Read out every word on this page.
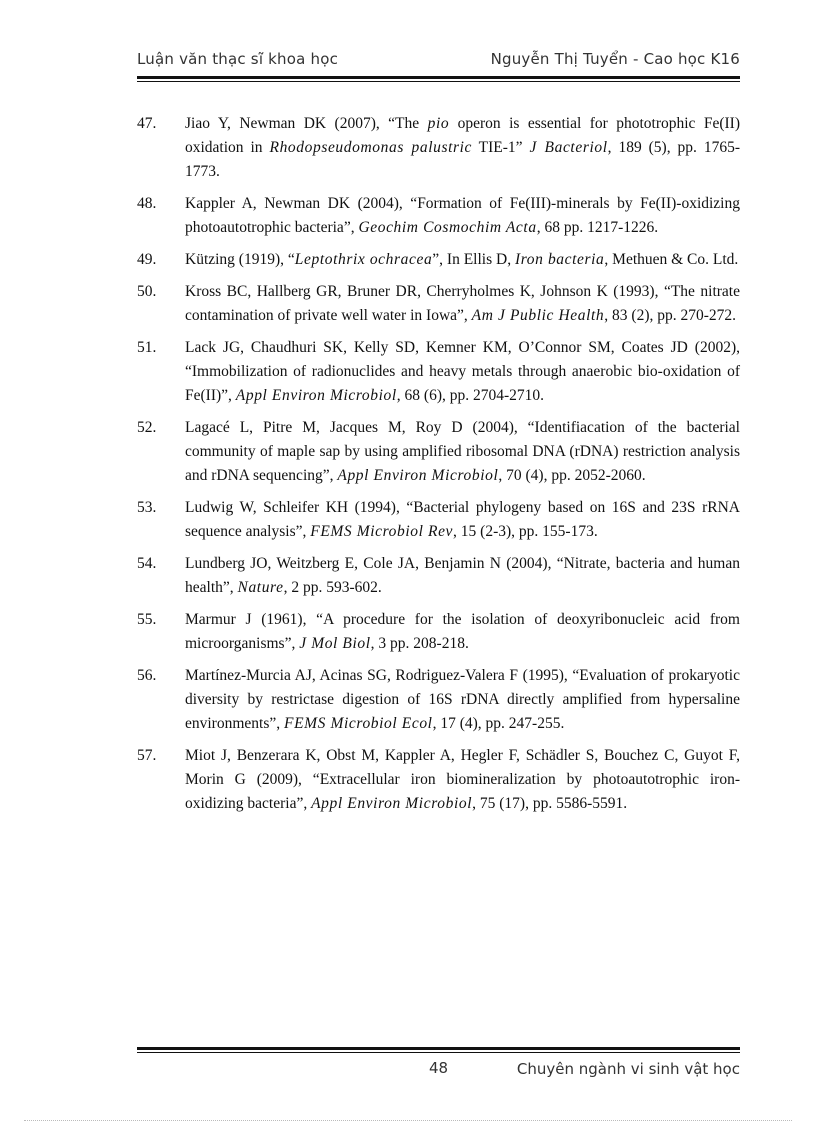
Luận văn thạc sĩ khoa học	Nguyễn Thị Tuyển - Cao học K16
47. Jiao Y, Newman DK (2007), “The pio operon is essential for phototrophic Fe(II) oxidation in Rhodopseudomonas palustric TIE-1” J Bacteriol, 189 (5), pp. 1765-1773.
48. Kappler A, Newman DK (2004), “Formation of Fe(III)-minerals by Fe(II)-oxidizing photoautotrophic bacteria”, Geochim Cosmochim Acta, 68 pp. 1217-1226.
49. Kützing (1919), “Leptothrix ochracea”, In Ellis D, Iron bacteria, Methuen & Co. Ltd.
50. Kross BC, Hallberg GR, Bruner DR, Cherryholmes K, Johnson K (1993), “The nitrate contamination of private well water in Iowa”, Am J Public Health, 83 (2), pp. 270-272.
51. Lack JG, Chaudhuri SK, Kelly SD, Kemner KM, O’Connor SM, Coates JD (2002), “Immobilization of radionuclides and heavy metals through anaerobic bio-oxidation of Fe(II)”, Appl Environ Microbiol, 68 (6), pp. 2704-2710.
52. Lagacé L, Pitre M, Jacques M, Roy D (2004), “Identifiacation of the bacterial community of maple sap by using amplified ribosomal DNA (rDNA) restriction analysis and rDNA sequencing”, Appl Environ Microbiol, 70 (4), pp. 2052-2060.
53. Ludwig W, Schleifer KH (1994), “Bacterial phylogeny based on 16S and 23S rRNA sequence analysis”, FEMS Microbiol Rev, 15 (2-3), pp. 155-173.
54. Lundberg JO, Weitzberg E, Cole JA, Benjamin N (2004), “Nitrate, bacteria and human health”, Nature, 2 pp. 593-602.
55. Marmur J (1961), “A procedure for the isolation of deoxyribonucleic acid from microorganisms”, J Mol Biol, 3 pp. 208-218.
56. Martínez-Murcia AJ, Acinas SG, Rodriguez-Valera F (1995), “Evaluation of prokaryotic diversity by restrictase digestion of 16S rDNA directly amplified from hypersaline environments”, FEMS Microbiol Ecol, 17 (4), pp. 247-255.
57. Miot J, Benzerara K, Obst M, Kappler A, Hegler F, Schädler S, Bouchez C, Guyot F, Morin G (2009), “Extracellular iron biomineralization by photoautotrophic iron-oxidizing bacteria”, Appl Environ Microbiol, 75 (17), pp. 5586-5591.
48	Chuyên ngành vi sinh vật học
